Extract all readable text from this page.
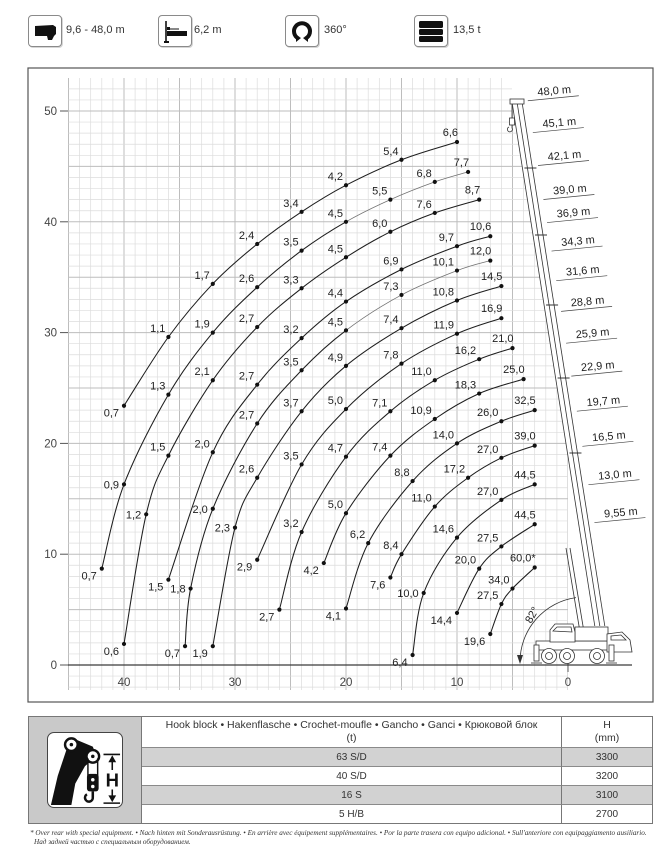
9,6 - 48,0 m	6,2 m	360°	13,5 t
0
10
20
30
40
50
40	30	20	10	0
82°
48,0 m
45,1 m
42,1 m
39,0 m
36,9 m
34,3 m
31,6 m
28,8 m
25,9 m
22,9 m
19,7 m
16,5 m
13,0 m
9,55 m
0,7
1,1
1,7
2,4
3,4
4,2
5,4
6,6
0,7
0,9
1,3
1,9
2,6
3,5
4,5
5,5
6,8
7,7
0,6
1,2
1,5
2,1
2,7
3,3
4,5
6,0
7,6
8,7
1,5
2,0
2,7
3,2
4,4
6,9
9,7
10,6
0,7
1,8
2,0
2,7
3,5
4,5
7,3
10,1
12,0
1,9
2,3
2,6
3,7
4,9
7,4
10,8
14,5
2,9
3,5
5,0
7,8
11,9
16,9
2,7
3,2
4,7
7,1
11,0
16,2
21,0
4,2
5,0
7,4
10,9
18,3
25,0
4,1
6,2
8,8
14,0
26,0
32,5
7,6
8,4
11,0
17,2
27,0
39,0
6,4
10,0
14,6
27,0
44,5
14,4
20,0
27,5
44,5
19,6
27,5
34,0
60,0*
H
Hook block • Hakenflasche • Crochet-moufle • Gancho • Ganci • Крюковой блок
(t)
H
(mm)
63 S/D	3300
40 S/D	3200
16 S	3100
5 H/B	2700
* Over rear with special equipment. • Nach hinten mit Sonderausrüstung. • En arrière avec équipement supplémentaires. • Por la parte trasera con equipo adicional. • Sull'anteriore con equipaggiamento ausiliario.
Над задней частью с специальным оборудованием.
